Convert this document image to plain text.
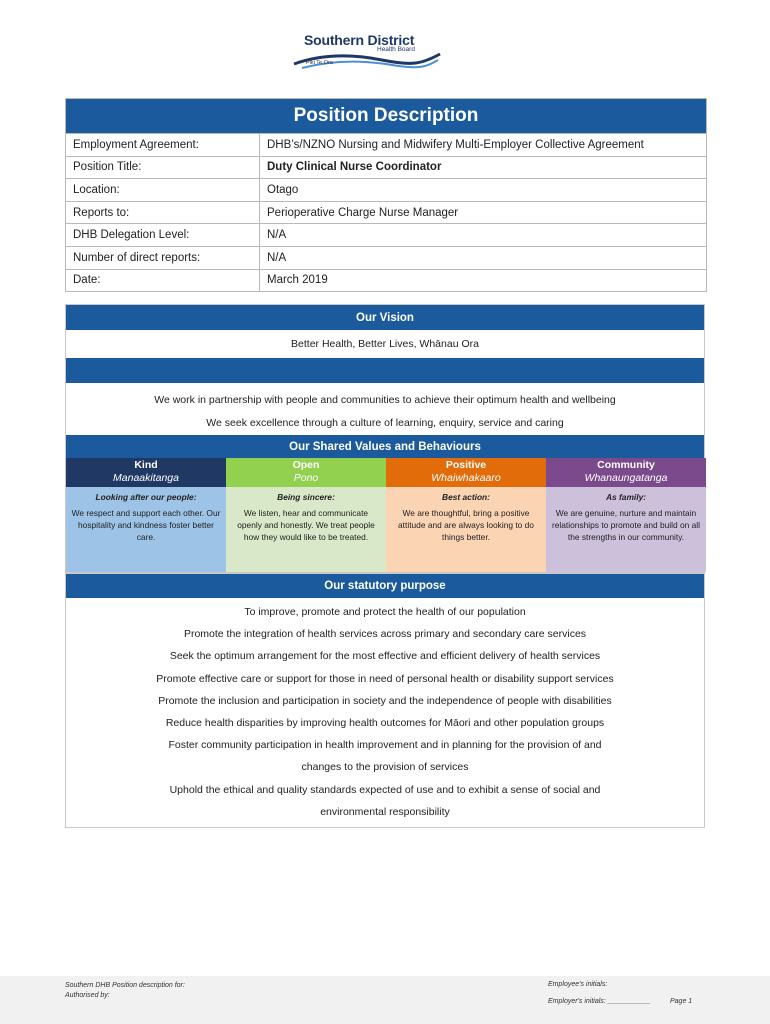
Southern District
Health Board
Piki Te Ora
Position Description
Employment Agreement:	DHB’s/NZNO Nursing and Midwifery Multi-Employer Collective Agreement
Position Title:	Duty Clinical Nurse Coordinator
Location:	Otago
Reports to:	Perioperative Charge Nurse Manager
DHB Delegation Level:	N/A
Number of direct reports:	N/A
Date:	March 2019
Our Vision
Better Health, Better Lives, Whānau Ora
We work in partnership with people and communities to achieve their optimum health and wellbeing
We seek excellence through a culture of learning, enquiry, service and caring
Our Shared Values and Behaviours
Kind
Manaakitanga
Looking after our people:
We respect and support each other. Our hospitality and kindness foster better care.
Open
Pono
Being sincere:
We listen, hear and communicate openly and honestly. We treat people how they would like to be treated.
Positive
Whaiwhakaaro
Best action:
We are thoughtful, bring a positive attitude and are always looking to do things better.
Community
Whanaungatanga
As family:
We are genuine, nurture and maintain relationships to promote and build on all the strengths in our community.
Our statutory purpose
To improve, promote and protect the health of our population
Promote the integration of health services across primary and secondary care services
Seek the optimum arrangement for the most effective and efficient delivery of health services
Promote effective care or support for those in need of personal health or disability support services
Promote the inclusion and participation in society and the independence of people with disabilities
Reduce health disparities by improving health outcomes for Māori and other population groups
Foster community participation in health improvement and in planning for the provision of and
changes to the provision of services
Uphold the ethical and quality standards expected of use and to exhibit a sense of social and
environmental responsibility
Southern DHB Position description for:
Authorised by:
Employee's initials:
Employer's initials: ___________	Page 1
